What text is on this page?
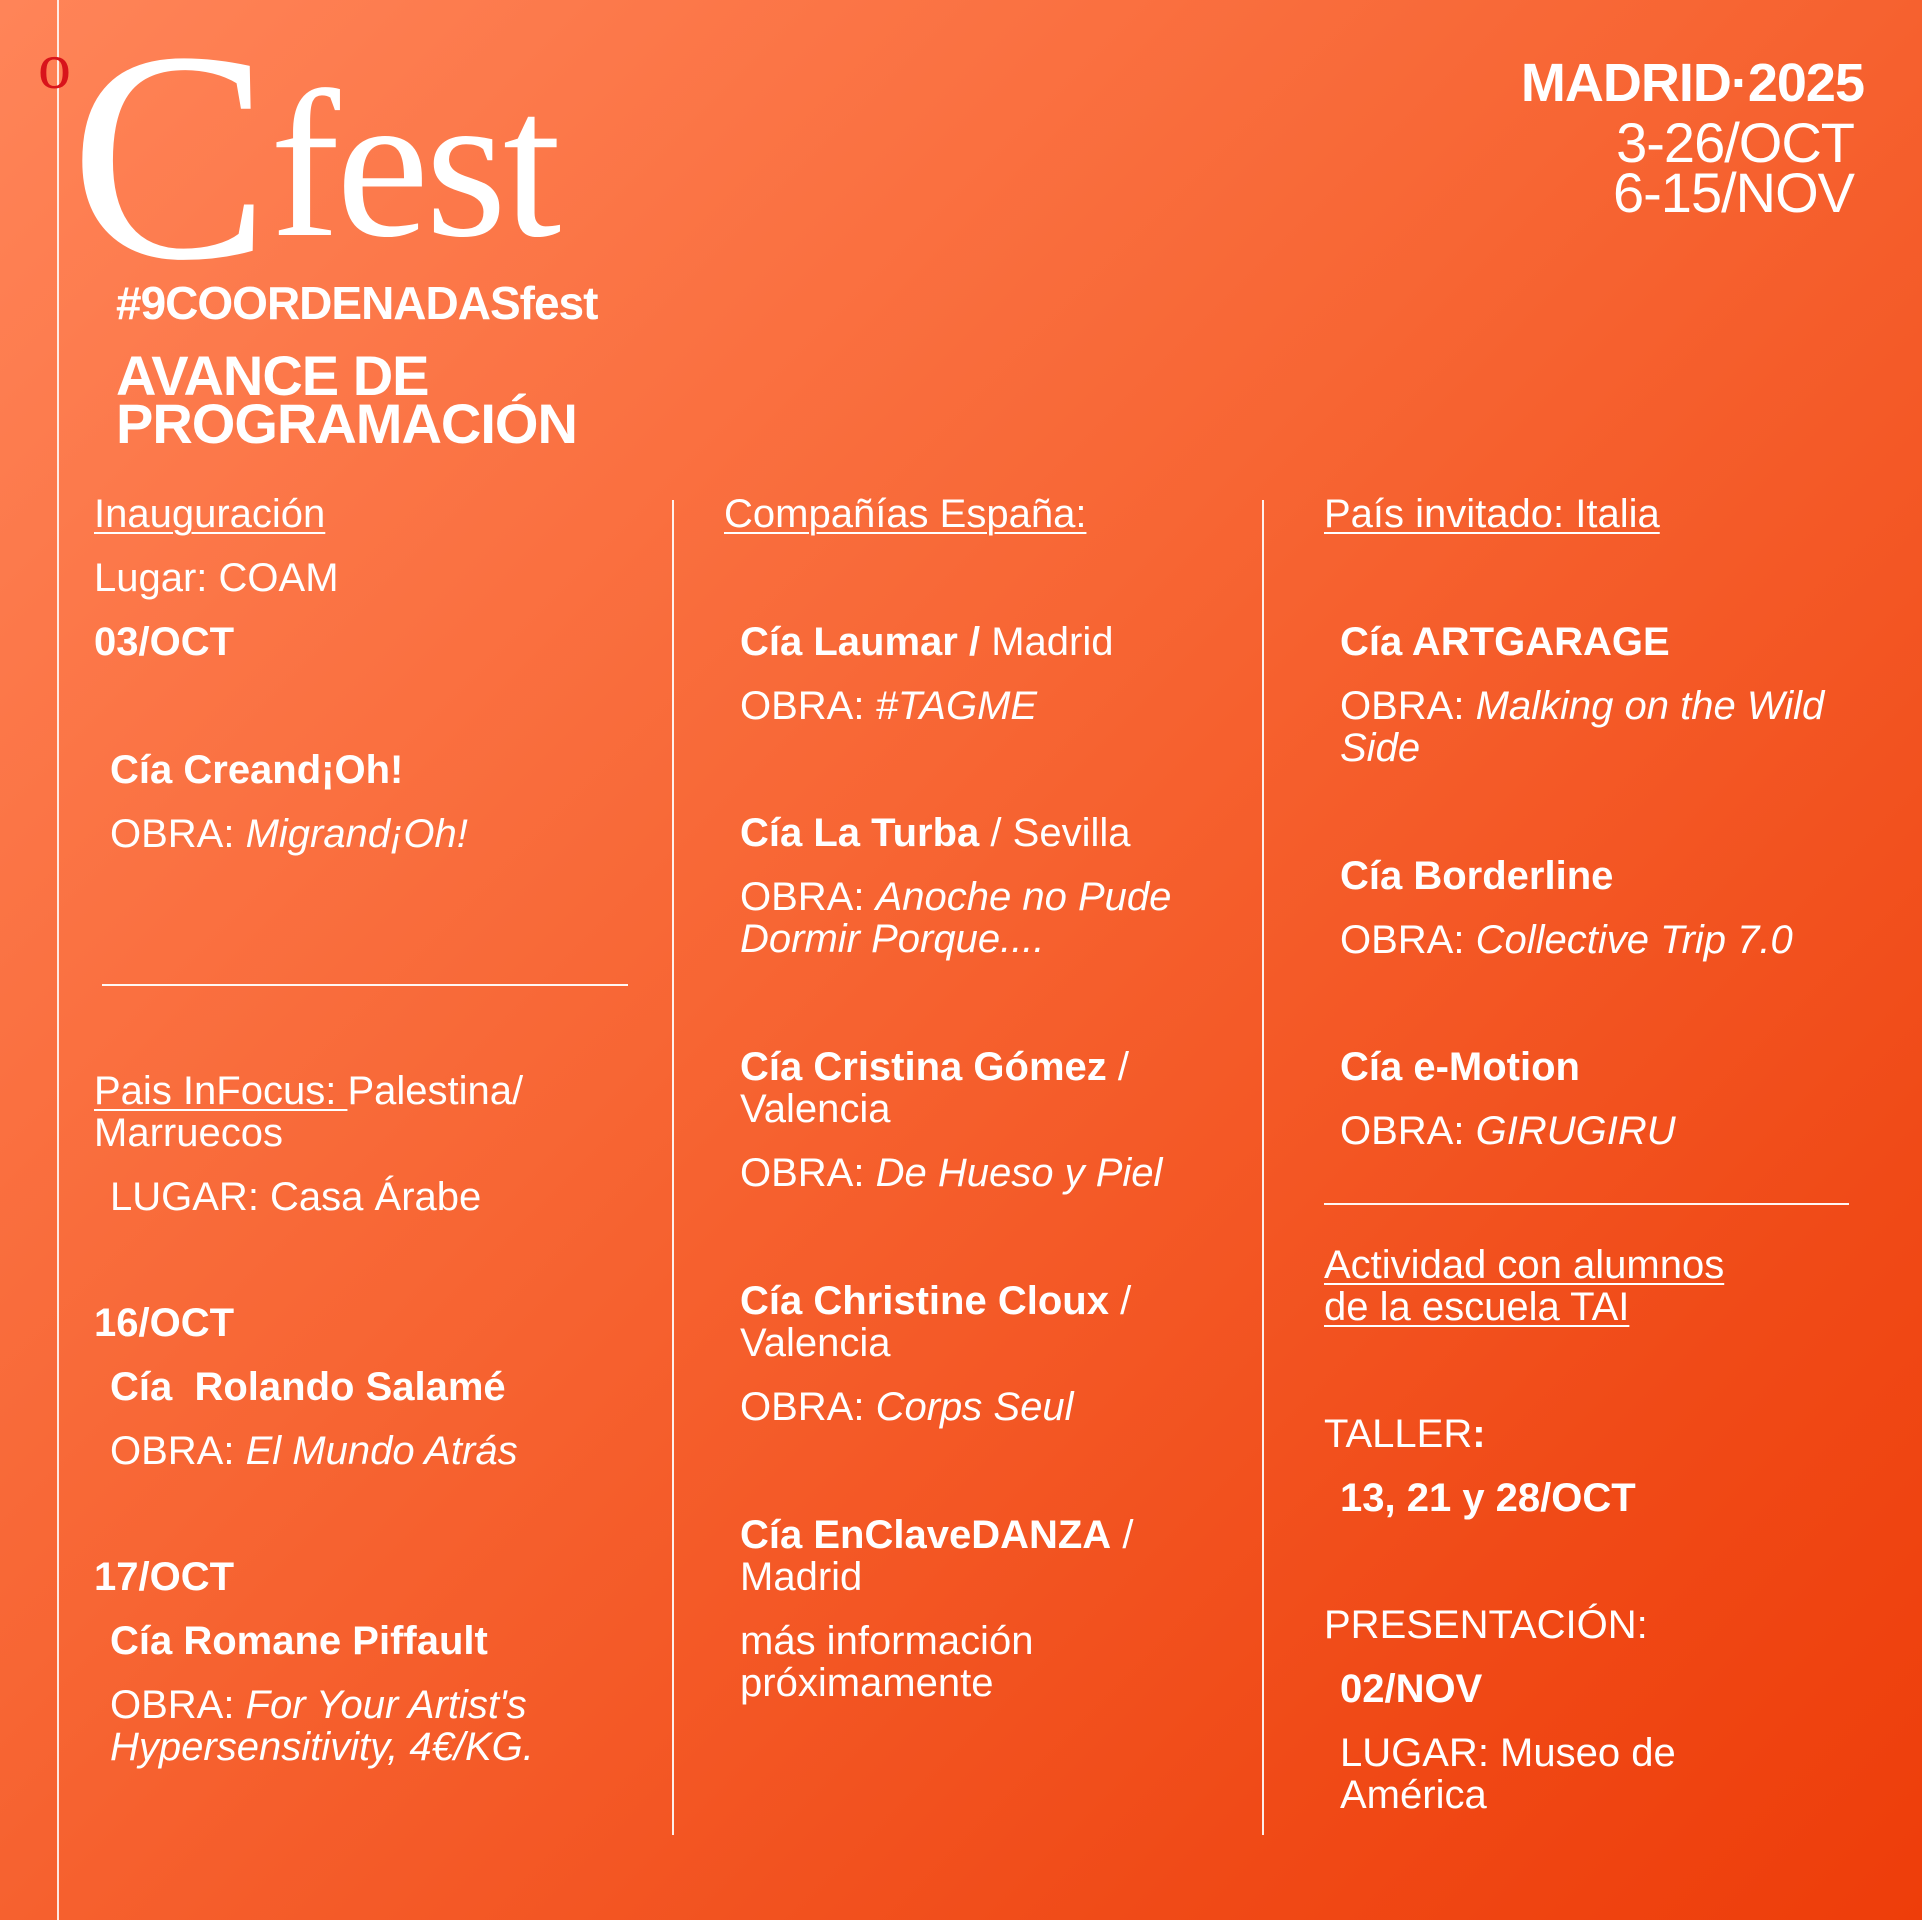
o C fest
#9COORDENADASfest
AVANCE DE
PROGRAMACIÓN
MADRID·2025
3-26/OCT
6-15/NOV
Inauguración
Lugar: COAM
03/OCT
Cía Creand¡Oh!
OBRA: Migrand¡Oh!
Pais InFocus: Palestina/
Marruecos
LUGAR: Casa Árabe
16/OCT
Cía  Rolando Salamé
OBRA: El Mundo Atrás
17/OCT
Cía Romane Piffault
OBRA: For Your Artist's
Hypersensitivity, 4€/KG.
Compañías España:
Cía Laumar / Madrid
OBRA: #TAGME
Cía La Turba / Sevilla
OBRA: Anoche no Pude
Dormir Porque....
Cía Cristina Gómez /
Valencia
OBRA: De Hueso y Piel
Cía Christine Cloux /
Valencia
OBRA: Corps Seul
Cía EnClaveDANZA /
Madrid
más información
próximamente
País invitado: Italia
Cía ARTGARAGE
OBRA: Malking on the Wild
Side
Cía Borderline
OBRA: Collective Trip 7.0
Cía e-Motion
OBRA: GIRUGIRU
Actividad con alumnos
de la escuela TAI
TALLER:
13, 21 y 28/OCT
PRESENTACIÓN:
02/NOV
LUGAR: Museo de
América
